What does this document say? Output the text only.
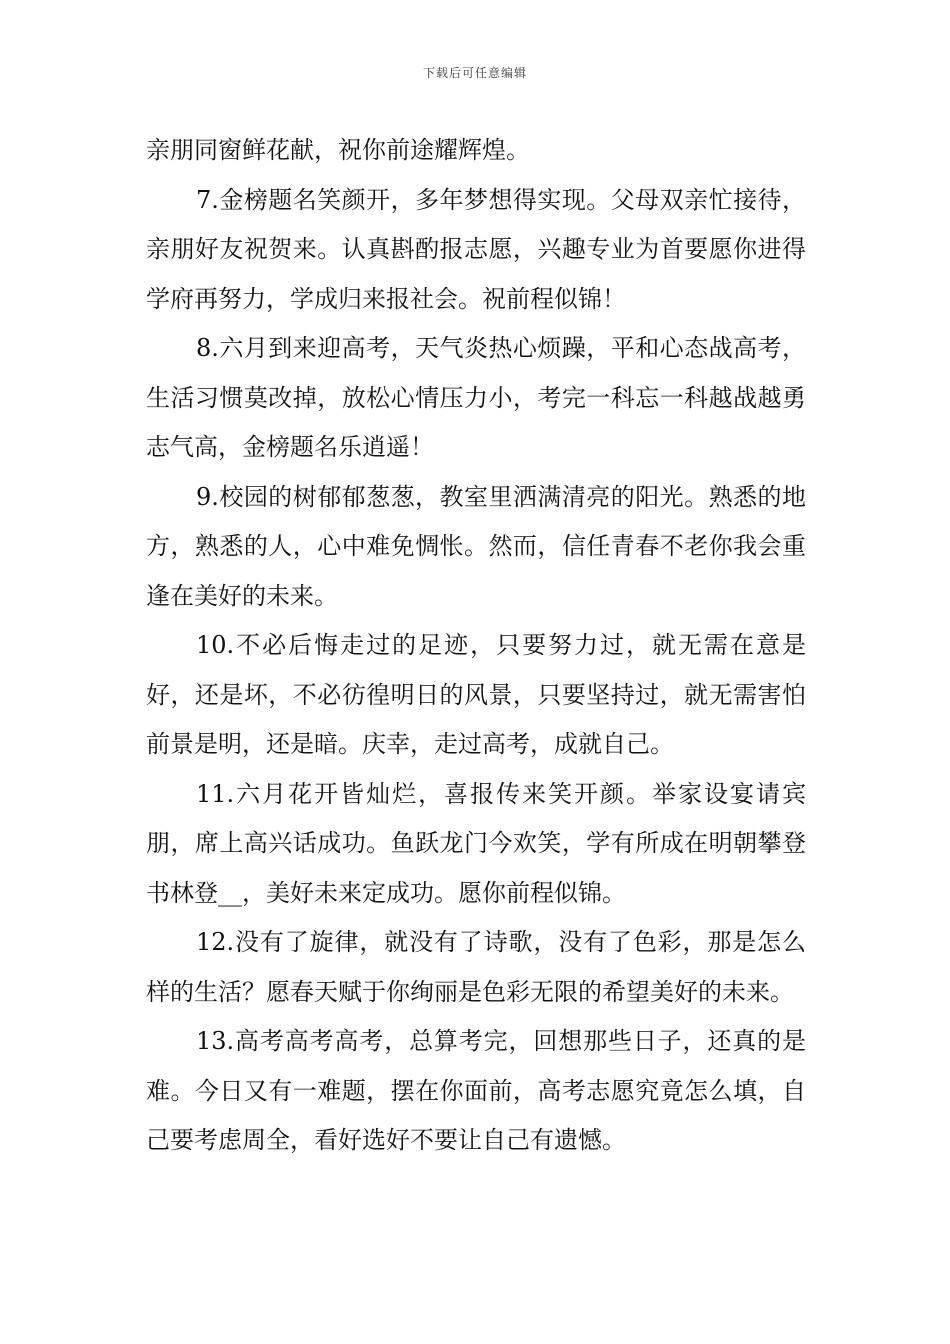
下载后可任意编辑

亲朋同窗鲜花献，祝你前途耀辉煌。

7.金榜题名笑颜开，多年梦想得实现。父母双亲忙接待，亲朋好友祝贺来。认真斟酌报志愿，兴趣专业为首要愿你进得学府再努力，学成归来报社会。祝前程似锦！

8.六月到来迎高考，天气炎热心烦躁，平和心态战高考，生活习惯莫改掉，放松心情压力小，考完一科忘一科越战越勇志气高，金榜题名乐逍遥！

9.校园的树郁郁葱葱，教室里洒满清亮的阳光。熟悉的地方，熟悉的人，心中难免惆怅。然而，信任青春不老你我会重逢在美好的未来。

10.不必后悔走过的足迹，只要努力过，就无需在意是好，还是坏，不必彷徨明日的风景，只要坚持过，就无需害怕前景是明，还是暗。庆幸，走过高考，成就自己。

11.六月花开皆灿烂，喜报传来笑开颜。举家设宴请宾朋，席上高兴话成功。鱼跃龙门今欢笑，学有所成在明朝攀登书林登__，美好未来定成功。愿你前程似锦。

12.没有了旋律，就没有了诗歌，没有了色彩，那是怎么样的生活？愿春天赋于你绚丽是色彩无限的希望美好的未来。

13.高考高考高考，总算考完，回想那些日子，还真的是难。今日又有一难题，摆在你面前，高考志愿究竟怎么填，自己要考虑周全，看好选好不要让自己有遗憾。
